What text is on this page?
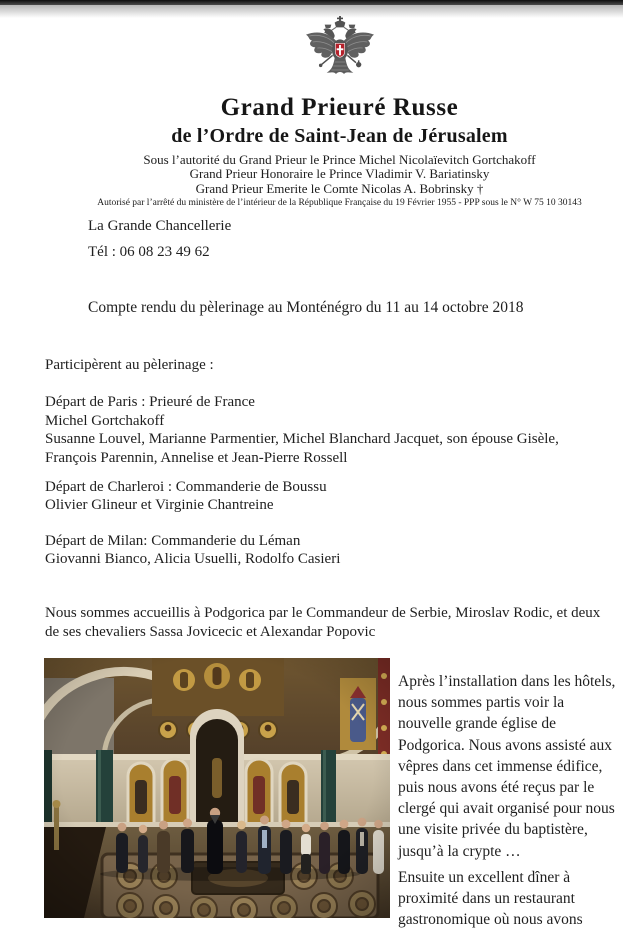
Grand Prieuré Russe
de l’Ordre de Saint-Jean de Jérusalem
Sous l’autorité du Grand Prieur le Prince Michel Nicolaïevitch Gortchakoff
Grand Prieur Honoraire le Prince Vladimir V. Bariatinsky
Grand Prieur Emerite le Comte Nicolas A. Bobrinsky †
Autorisé par l’arrêté du ministère de l’intérieur de la République Française du 19 Février 1955 - PPP sous le N° W 75 10 30143
La Grande Chancellerie
Tél : 06 08 23 49 62
Compte rendu du pèlerinage au Monténégro du 11 au 14 octobre 2018

Participèrent au pèlerinage :

Départ de Paris : Prieuré de France

Michel Gortchakoff

Susanne Louvel, Marianne Parmentier, Michel Blanchard Jacquet, son épouse Gisèle, François Parennin, Annelise et Jean-Pierre Rossell

Départ de Charleroi : Commanderie de Boussu

Olivier Glineur et Virginie Chantreine

Départ de Milan: Commanderie du Léman

Giovanni Bianco, Alicia Usuelli, Rodolfo Casieri

Nous sommes accueillis à Podgorica par le Commandeur de Serbie, Miroslav Rodic, et deux de ses chevaliers Sassa Jovicecic et Alexandar Popovic

Après l’installation dans les hôtels, nous sommes partis voir la nouvelle grande église de Podgorica. Nous avons assisté aux vêpres dans cet immense édifice, puis nous avons été reçus par le clergé qui avait organisé pour nous une visite privée du baptistère, jusqu’à la crypte …

Ensuite un excellent dîner à proximité dans un restaurant gastronomique où nous avons
